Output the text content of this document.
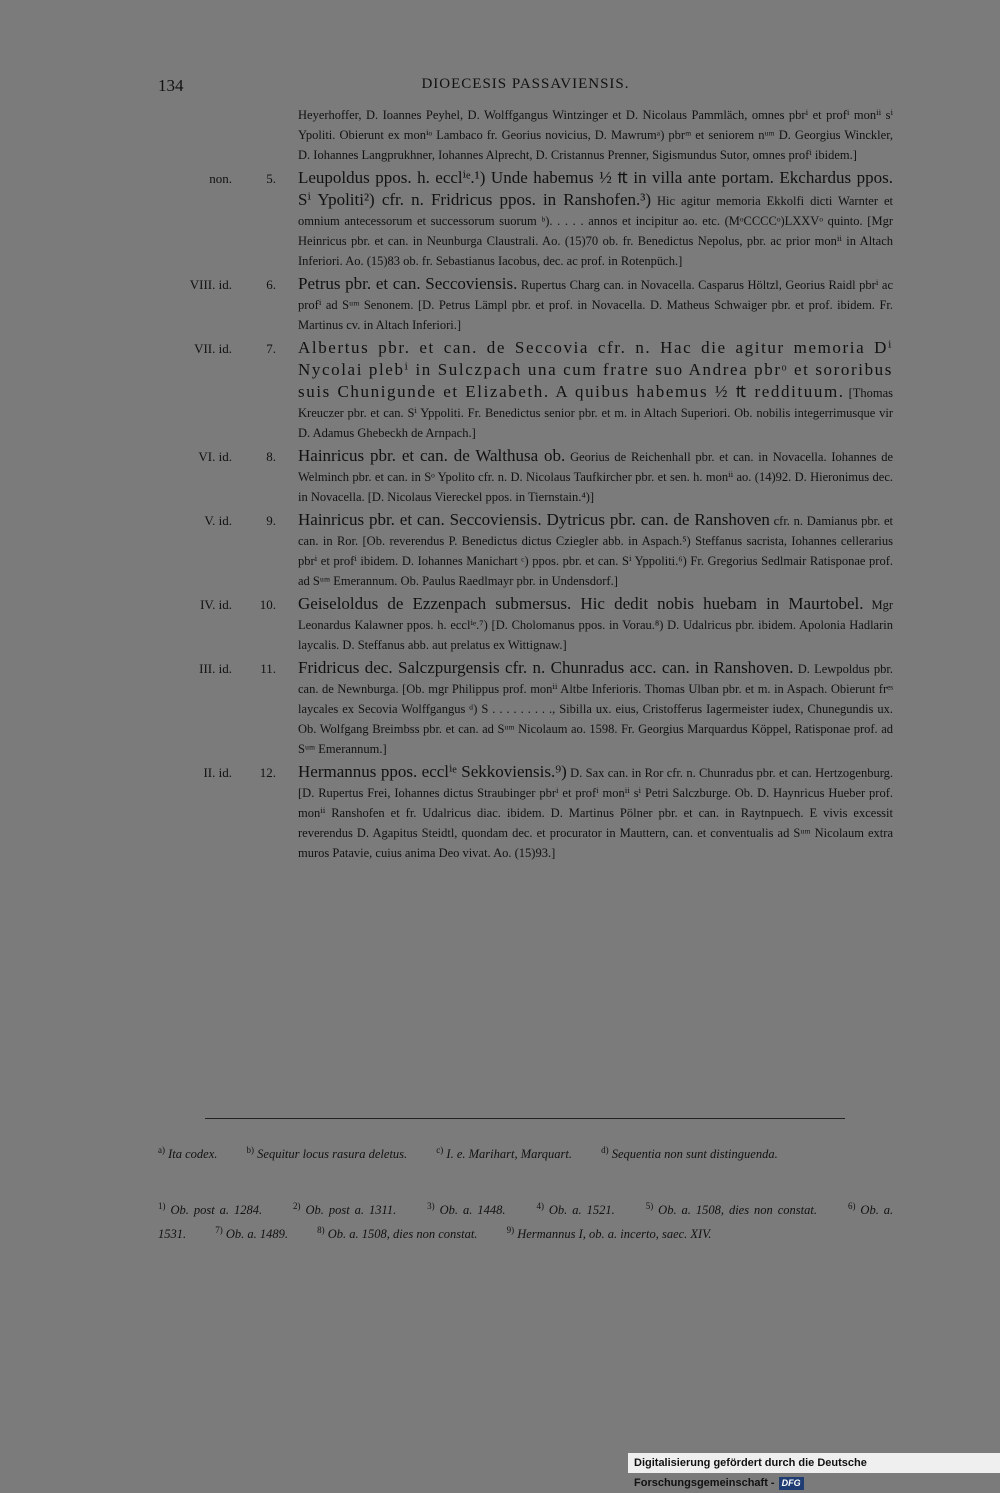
134	DIOECESIS PASSAVIENSIS.
Heyerhoffer, D. Ioannes Peyhel, D. Wolffgangus Wintzinger et D. Nicolaus Pammläch, omnes pbrⁱ et profⁱ monⁱⁱ sⁱ Ypoliti. Obierunt ex monⁱᵒ Lambaco fr. Georius novicius, D. Mawrumᵃ) pbrᵐ et seniorem nᵘᵐ D. Georgius Winckler, D. Iohannes Langprukhner, Iohannes Alprecht, D. Cristannus Prenner, Sigismundus Sutor, omnes profⁱ ibidem.]
non.	5. Leupoldus ppos. h. ecclⁱᵉ.¹) Unde habemus ½ ₶ in villa ante portam. Ekchardus ppos. Sⁱ Ypoliti²) cfr. n. Fridricus ppos. in Ranshofen.³) Hic agitur memoria Ekkolfi dicti Warnter et omnium antecessorum et successorum suorum ᵇ). . . . . annos et incipitur ao. etc. (MᵒCCCCᵒ)LXXVᵒ quinto. [Mgr Heinricus pbr. et can. in Neunburga Claustrali. Ao. (15)70 ob. fr. Benedictus Nepolus, pbr. ac prior monⁱⁱ in Altach Inferiori. Ao. (15)83 ob. fr. Sebastianus Iacobus, dec. ac prof. in Rotenpüch.]
VIII. id.	6. Petrus pbr. et can. Seccoviensis. Rupertus Charg can. in Novacella. Casparus Höltzl, Georius Raidl pbrⁱ ac profⁱ ad Sᵘᵐ Senonem. [D. Petrus Lämpl pbr. et prof. in Novacella. D. Matheus Schwaiger pbr. et prof. ibidem. Fr. Martinus cv. in Altach Inferiori.]
VII. id.	7. Albertus pbr. et can. de Seccovia cfr. n. Hac die agitur memoria Dⁱ Nycolai plebⁱ in Sulczpach una cum fratre suo Andrea pbrᵒ et sororibus suis Chunigunde et Elizabeth. A quibus habemus ½ ₶ reddituum. [Thomas Kreuczer pbr. et can. Sⁱ Yppoliti. Fr. Benedictus senior pbr. et m. in Altach Superiori. Ob. nobilis integerrimusque vir D. Adamus Ghebeckh de Arnpach.]
VI. id.	8. Hainricus pbr. et can. de Walthusa ob. Georius de Reichenhall pbr. et can. in Novacella. Iohannes de Welminch pbr. et can. in Sᵒ Ypolito cfr. n. D. Nicolaus Taufkircher pbr. et sen. h. monⁱⁱ ao. (14)92. D. Hieronimus dec. in Novacella. [D. Nicolaus Viereckel ppos. in Tiernstain.⁴)]
V. id.	9. Hainricus pbr. et can. Seccoviensis. Dytricus pbr. can. de Ranshoven cfr. n. Damianus pbr. et can. in Ror. [Ob. reverendus P. Benedictus dictus Cziegler abb. in Aspach.⁵) Steffanus sacrista, Iohannes cellerarius pbrⁱ et profⁱ ibidem. D. Iohannes Manichart ᶜ) ppos. pbr. et can. Sⁱ Yppoliti.⁶) Fr. Gregorius Sedlmair Ratisponae prof. ad Sᵘᵐ Emerannum. Ob. Paulus Raedlmayr pbr. in Undensdorf.]
IV. id.	10. Geiseloldus de Ezzenpach submersus. Hic dedit nobis huebam in Maurtobel. Mgr Leonardus Kalawner ppos. h. ecclⁱᵉ.⁷) [D. Cholomanus ppos. in Vorau.⁸) D. Udalricus pbr. ibidem. Apolonia Hadlarin laycalis. D. Steffanus abb. aut prelatus ex Wittignaw.]
III. id.	11. Fridricus dec. Salczpurgensis cfr. n. Chunradus acc. can. in Ranshoven. D. Lewpoldus pbr. can. de Newnburga. [Ob. mgr Philippus prof. monⁱⁱ Altbe Inferioris. Thomas Ulban pbr. et m. in Aspach. Obierunt frᵉˢ laycales ex Secovia Wolffgangus ᵈ) S . . . . . . . . ., Sibilla ux. eius, Cristofferus Iagermeister iudex, Chunegundis ux. Ob. Wolfgang Breimbss pbr. et can. ad Sᵘᵐ Nicolaum ao. 1598. Fr. Georgius Marquardus Köppel, Ratisponae prof. ad Sᵘᵐ Emerannum.]
II. id.	12. Hermannus ppos. ecclⁱᵉ Sekkoviensis.⁹) D. Sax can. in Ror cfr. n. Chunradus pbr. et can. Hertzogenburg. [D. Rupertus Frei, Iohannes dictus Straubinger pbrⁱ et profⁱ monⁱⁱ sⁱ Petri Salczburge. Ob. D. Haynricus Hueber prof. monⁱⁱ Ranshofen et fr. Udalricus diac. ibidem. D. Martinus Pölner pbr. et can. in Raytnpuech. E vivis excessit reverendus D. Agapitus Steidtl, quondam dec. et procurator in Mauttern, can. et conventualis ad Sᵘᵐ Nicolaum extra muros Patavie, cuius anima Deo vivat. Ao. (15)93.]
$^{a)}$ Ita codex.	$^{b)}$ Sequitur locus rasura deletus.	$^{c)}$ I. e. Marihart, Marquart.	$^{d)}$ Sequentia non sunt distinguenda.
$^{1)}$ Ob. post a. 1284.	$^{2)}$ Ob. post a. 1311.	$^{3)}$ Ob. a. 1448.	$^{4)}$ Ob. a. 1521.	$^{5)}$ Ob. a. 1508, dies non constat.	$^{6)}$ Ob. a. 1531.	$^{7)}$ Ob. a. 1489.	$^{8)}$ Ob. a. 1508, dies non constat.	$^{9)}$ Hermannus I, ob. a. incerto, saec. XIV.
Digitalisierung gefördert durch die Deutsche Forschungsgemeinschaft - DFG
